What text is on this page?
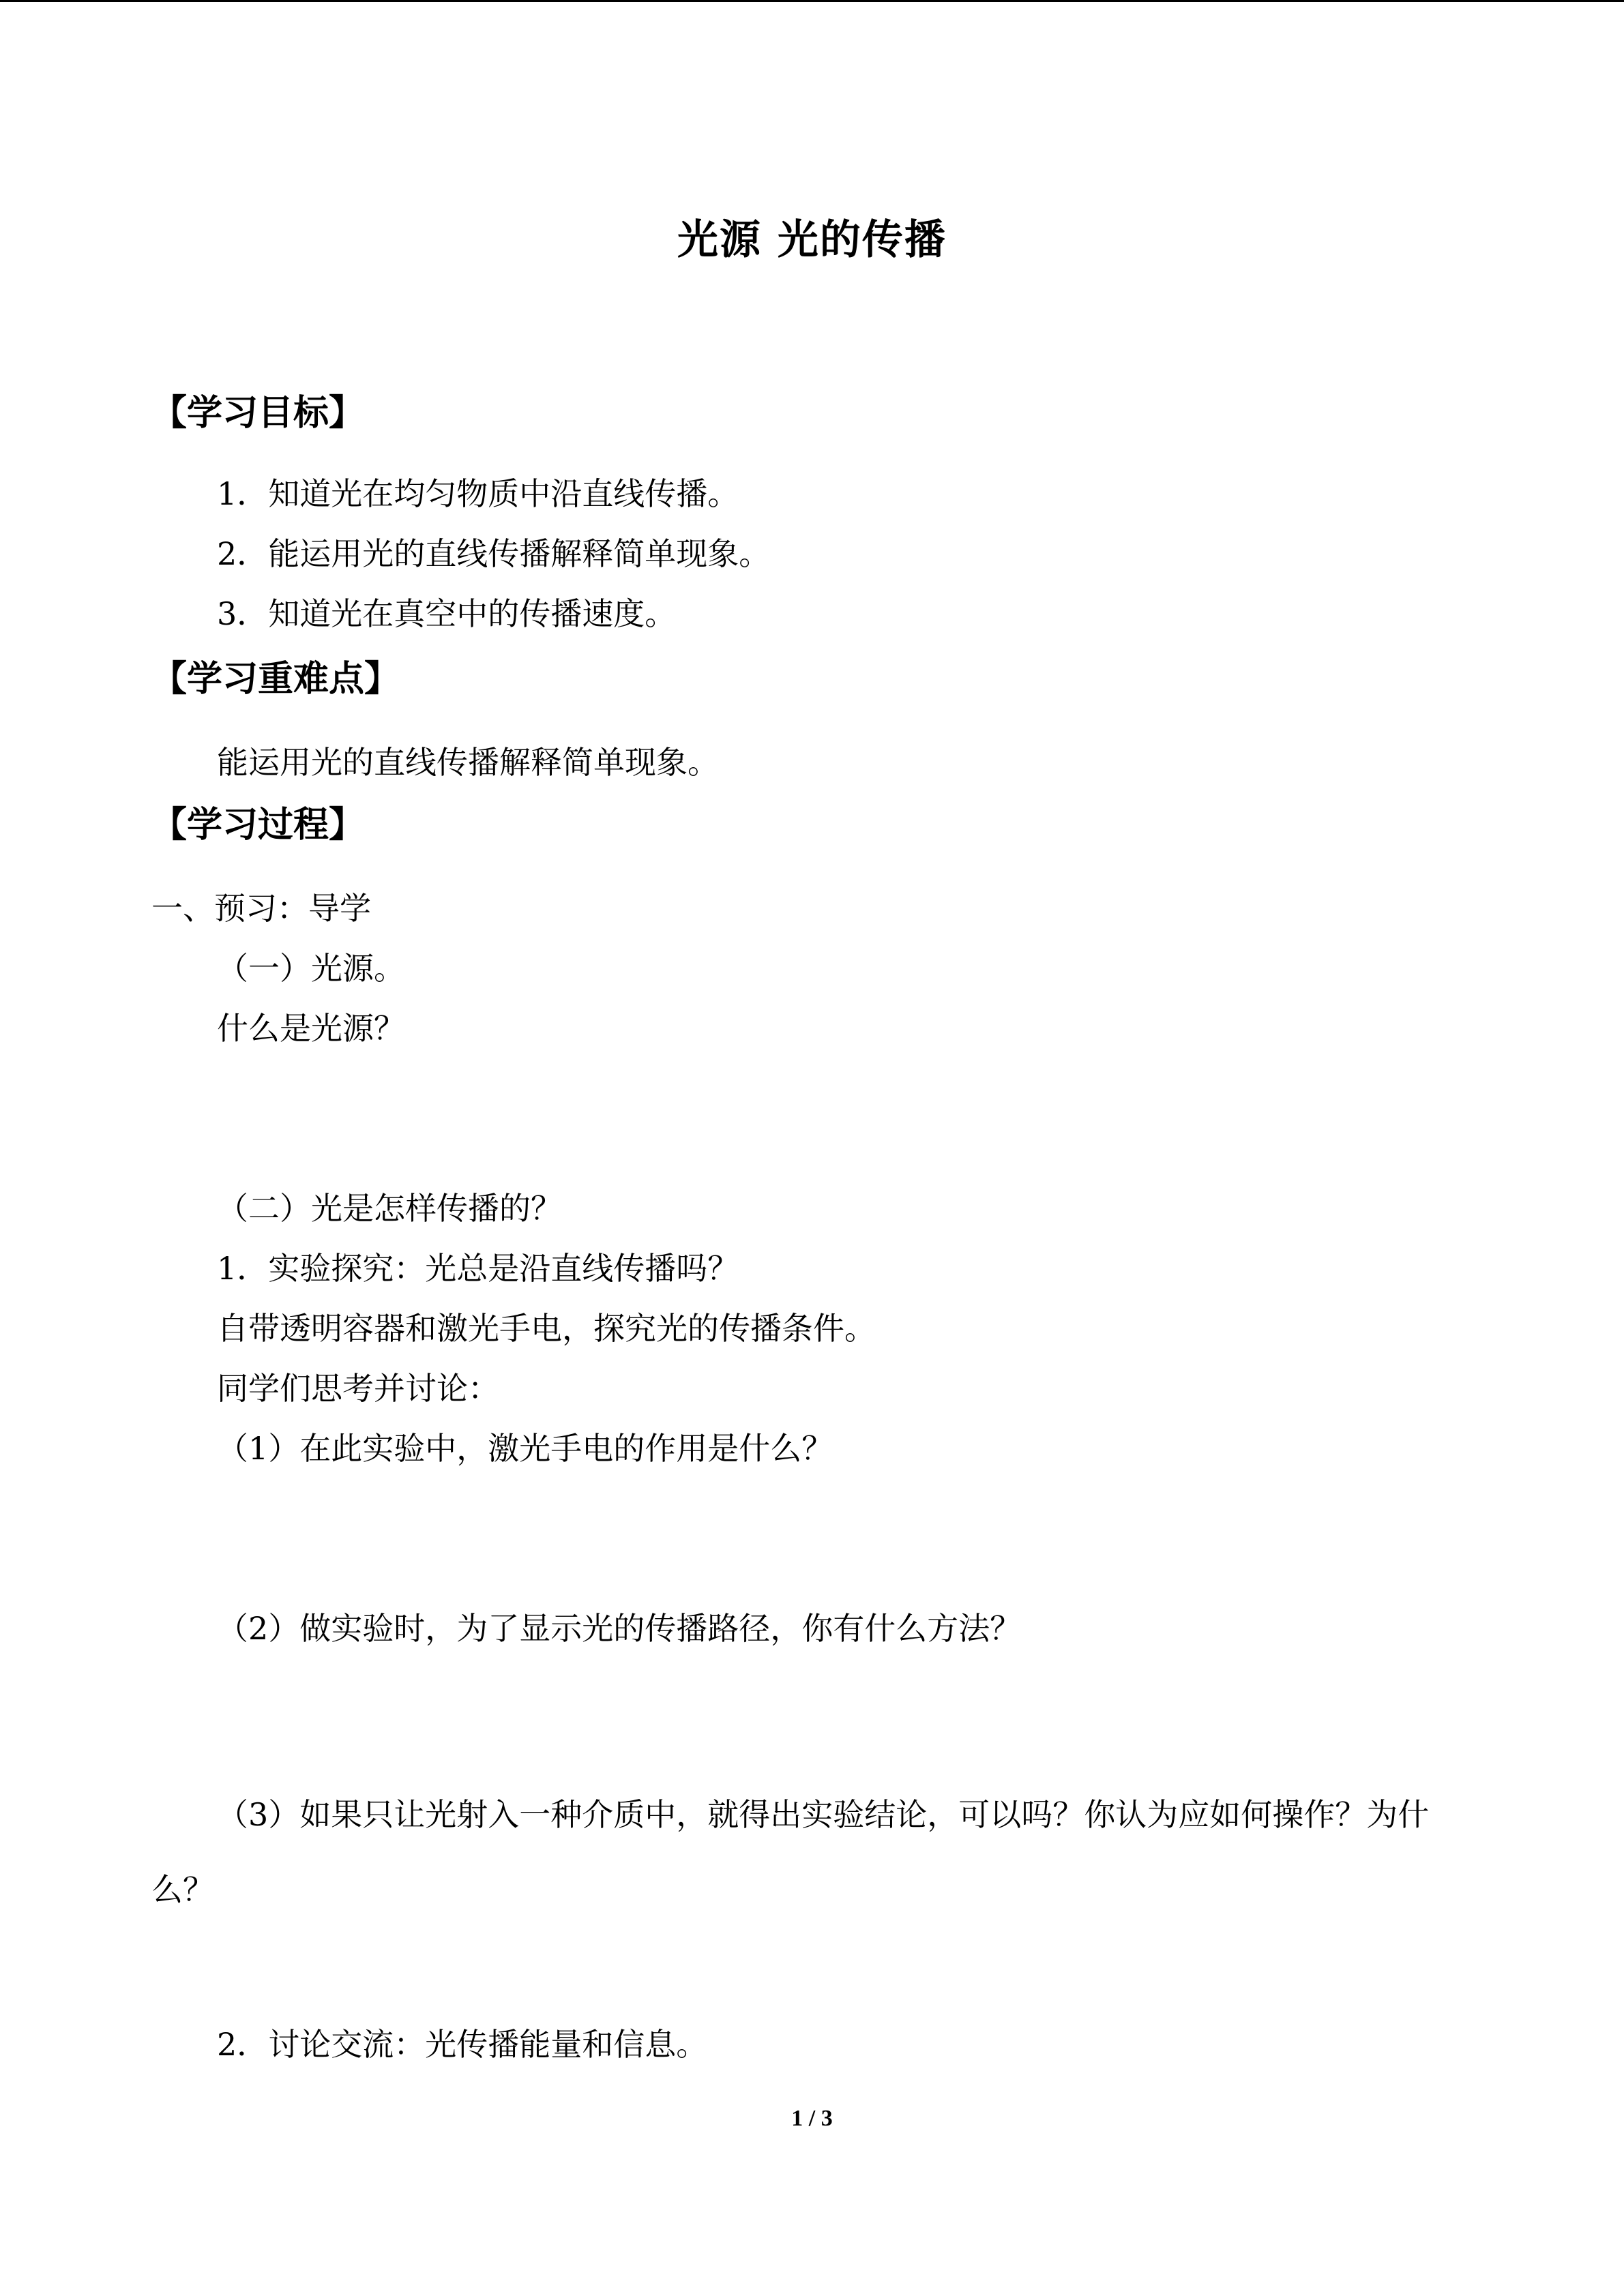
光源 光的传播
【学习目标】
1．知道光在均匀物质中沿直线传播。
2．能运用光的直线传播解释简单现象。
3．知道光在真空中的传播速度。
【学习重难点】
能运用光的直线传播解释简单现象。
【学习过程】
一、预习：导学
（一）光源。
什么是光源？
（二）光是怎样传播的？
1．实验探究：光总是沿直线传播吗？
自带透明容器和激光手电，探究光的传播条件。
同学们思考并讨论：
（1）在此实验中，激光手电的作用是什么？
（2）做实验时，为了显示光的传播路径，你有什么方法？
（3）如果只让光射入一种介质中，就得出实验结论，可以吗？你认为应如何操作？为什么？
2．讨论交流：光传播能量和信息。
1 / 3
